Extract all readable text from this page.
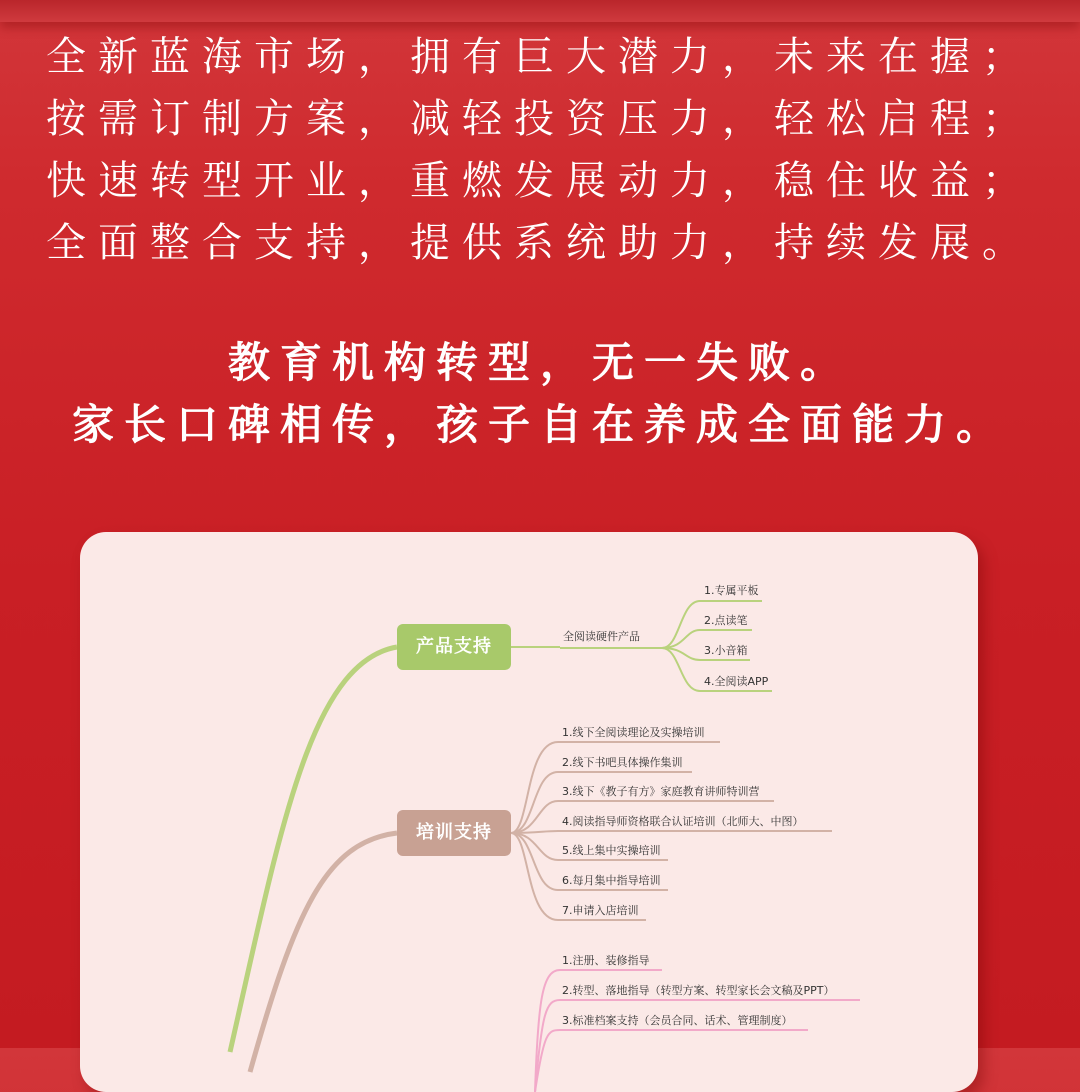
全新蓝海市场，拥有巨大潜力，未来在握；
按需订制方案，减轻投资压力，轻松启程；
快速转型开业，重燃发展动力，稳住收益；
全面整合支持，提供系统助力，持续发展。
教育机构转型，无一失败。
家长口碑相传，孩子自在养成全面能力。
产品支持	全阅读硬件产品
1.专属平板
2.点读笔
3.小音箱
4.全阅读APP
培训支持
1.线下全阅读理论及实操培训
2.线下书吧具体操作集训
3.线下《教子有方》家庭教育讲师特训营
4.阅读指导师资格联合认证培训（北师大、中图）
5.线上集中实操培训
6.每月集中指导培训
7.申请入店培训
1.注册、装修指导
2.转型、落地指导（转型方案、转型家长会文稿及PPT）
3.标准档案支持（会员合同、话术、管理制度）
